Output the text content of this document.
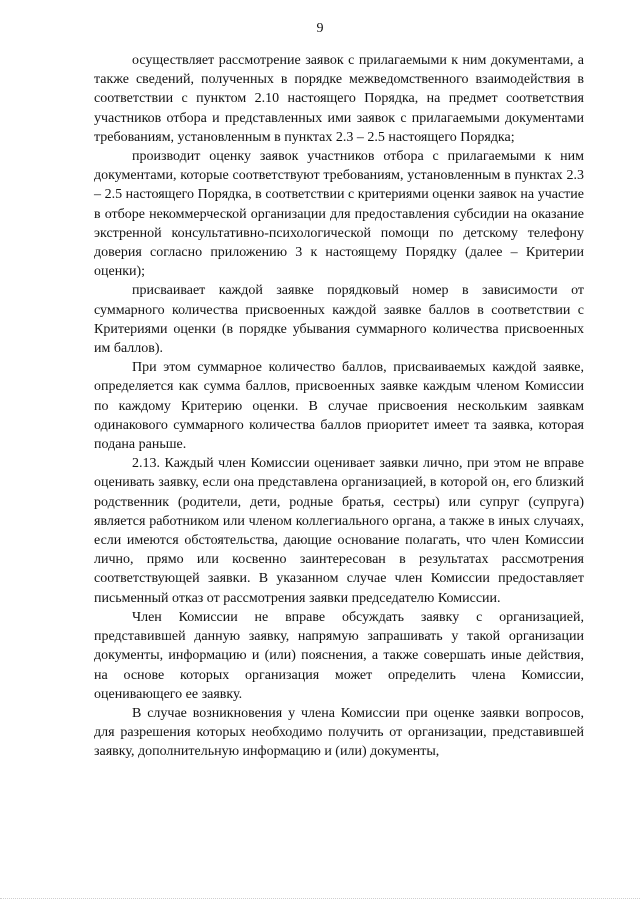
9

осуществляет рассмотрение заявок с прилагаемыми к ним документами, а также сведений, полученных в порядке межведомственного взаимодействия в соответствии с пунктом 2.10 настоящего Порядка, на предмет соответствия участников отбора и представленных ими заявок с прилагаемыми документами требованиям, установленным в пунктах 2.3 – 2.5 настоящего Порядка;

производит оценку заявок участников отбора с прилагаемыми к ним документами, которые соответствуют требованиям, установленным в пунктах 2.3 – 2.5 настоящего Порядка, в соответствии с критериями оценки заявок на участие в отборе некоммерческой организации для предоставления субсидии на оказание экстренной консультативно-психологической помощи по детскому телефону доверия согласно приложению 3 к настоящему Порядку (далее – Критерии оценки);

присваивает каждой заявке порядковый номер в зависимости от суммарного количества присвоенных каждой заявке баллов в соответствии с Критериями оценки (в порядке убывания суммарного количества присвоенных им баллов).

При этом суммарное количество баллов, присваиваемых каждой заявке, определяется как сумма баллов, присвоенных заявке каждым членом Комиссии по каждому Критерию оценки. В случае присвоения нескольким заявкам одинакового суммарного количества баллов приоритет имеет та заявка, которая подана раньше.

2.13. Каждый член Комиссии оценивает заявки лично, при этом не вправе оценивать заявку, если она представлена организацией, в которой он, его близкий родственник (родители, дети, родные братья, сестры) или супруг (супруга) является работником или членом коллегиального органа, а также в иных случаях, если имеются обстоятельства, дающие основание полагать, что член Комиссии лично, прямо или косвенно заинтересован в результатах рассмотрения соответствующей заявки. В указанном случае член Комиссии предоставляет письменный отказ от рассмотрения заявки председателю Комиссии.

Член Комиссии не вправе обсуждать заявку с организацией, представившей данную заявку, напрямую запрашивать у такой организации документы, информацию и (или) пояснения, а также совершать иные действия, на основе которых организация может определить члена Комиссии, оценивающего ее заявку.

В случае возникновения у члена Комиссии при оценке заявки вопросов, для разрешения которых необходимо получить от организации, представившей заявку, дополнительную информацию и (или) документы,
